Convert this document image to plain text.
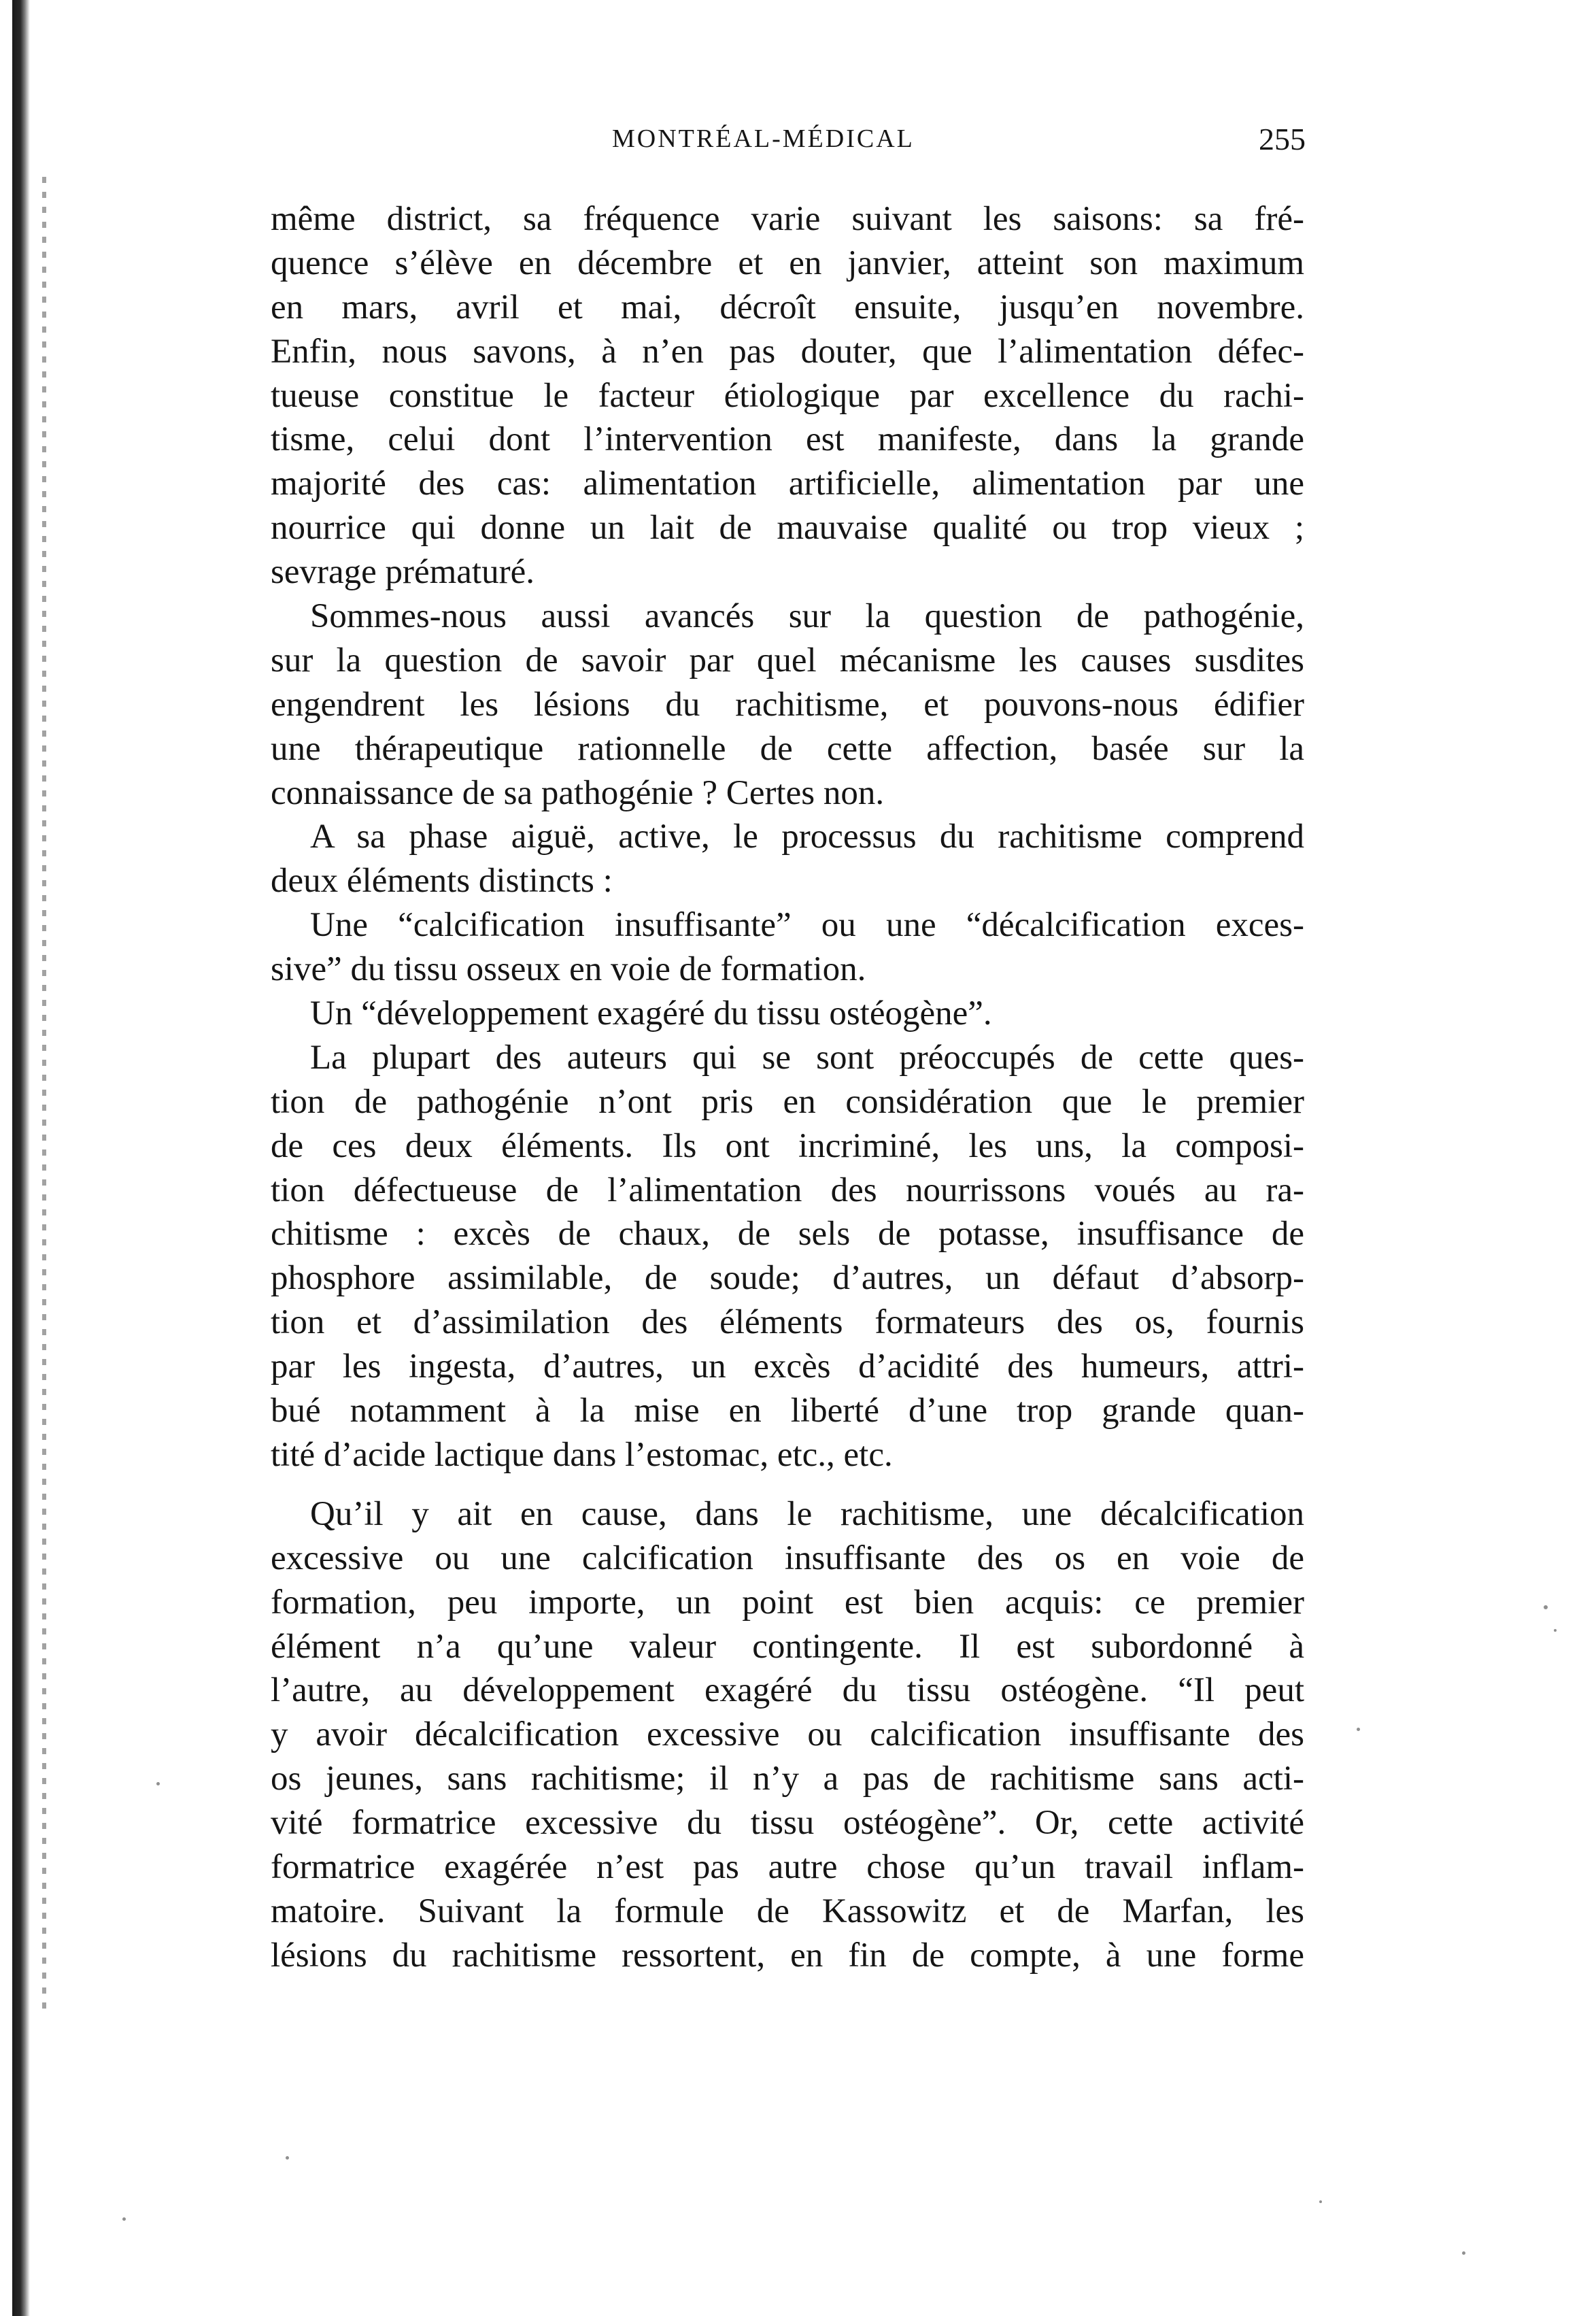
MONTRÉAL-MÉDICAL	255
même district, sa fréquence varie suivant les saisons: sa fré-
quence s’élève en décembre et en janvier, atteint son maximum
en mars, avril et mai, décroît ensuite, jusqu’en novembre.
Enfin, nous savons, à n’en pas douter, que l’alimentation défec-
tueuse constitue le facteur étiologique par excellence du rachi-
tisme, celui dont l’intervention est manifeste, dans la grande
majorité des cas: alimentation artificielle, alimentation par une
nourrice qui donne un lait de mauvaise qualité ou trop vieux ;
sevrage prématuré.
Sommes-nous aussi avancés sur la question de pathogénie,
sur la question de savoir par quel mécanisme les causes susdites
engendrent les lésions du rachitisme, et pouvons-nous édifier
une thérapeutique rationnelle de cette affection, basée sur la
connaissance de sa pathogénie ? Certes non.
A sa phase aiguë, active, le processus du rachitisme comprend
deux éléments distincts :
Une “calcification insuffisante” ou une “décalcification exces-
sive” du tissu osseux en voie de formation.
Un “développement exagéré du tissu ostéogène”.
La plupart des auteurs qui se sont préoccupés de cette ques-
tion de pathogénie n’ont pris en considération que le premier
de ces deux éléments. Ils ont incriminé, les uns, la composi-
tion défectueuse de l’alimentation des nourrissons voués au ra-
chitisme : excès de chaux, de sels de potasse, insuffisance de
phosphore assimilable, de soude; d’autres, un défaut d’absorp-
tion et d’assimilation des éléments formateurs des os, fournis
par les ingesta, d’autres, un excès d’acidité des humeurs, attri-
bué notamment à la mise en liberté d’une trop grande quan-
tité d’acide lactique dans l’estomac, etc., etc.
Qu’il y ait en cause, dans le rachitisme, une décalcification
excessive ou une calcification insuffisante des os en voie de
formation, peu importe, un point est bien acquis: ce premier
élément n’a qu’une valeur contingente. Il est subordonné à
l’autre, au développement exagéré du tissu ostéogène. “Il peut
y avoir décalcification excessive ou calcification insuffisante des
os jeunes, sans rachitisme; il n’y a pas de rachitisme sans acti-
vité formatrice excessive du tissu ostéogène”. Or, cette activité
formatrice exagérée n’est pas autre chose qu’un travail inflam-
matoire. Suivant la formule de Kassowitz et de Marfan, les
lésions du rachitisme ressortent, en fin de compte, à une forme
